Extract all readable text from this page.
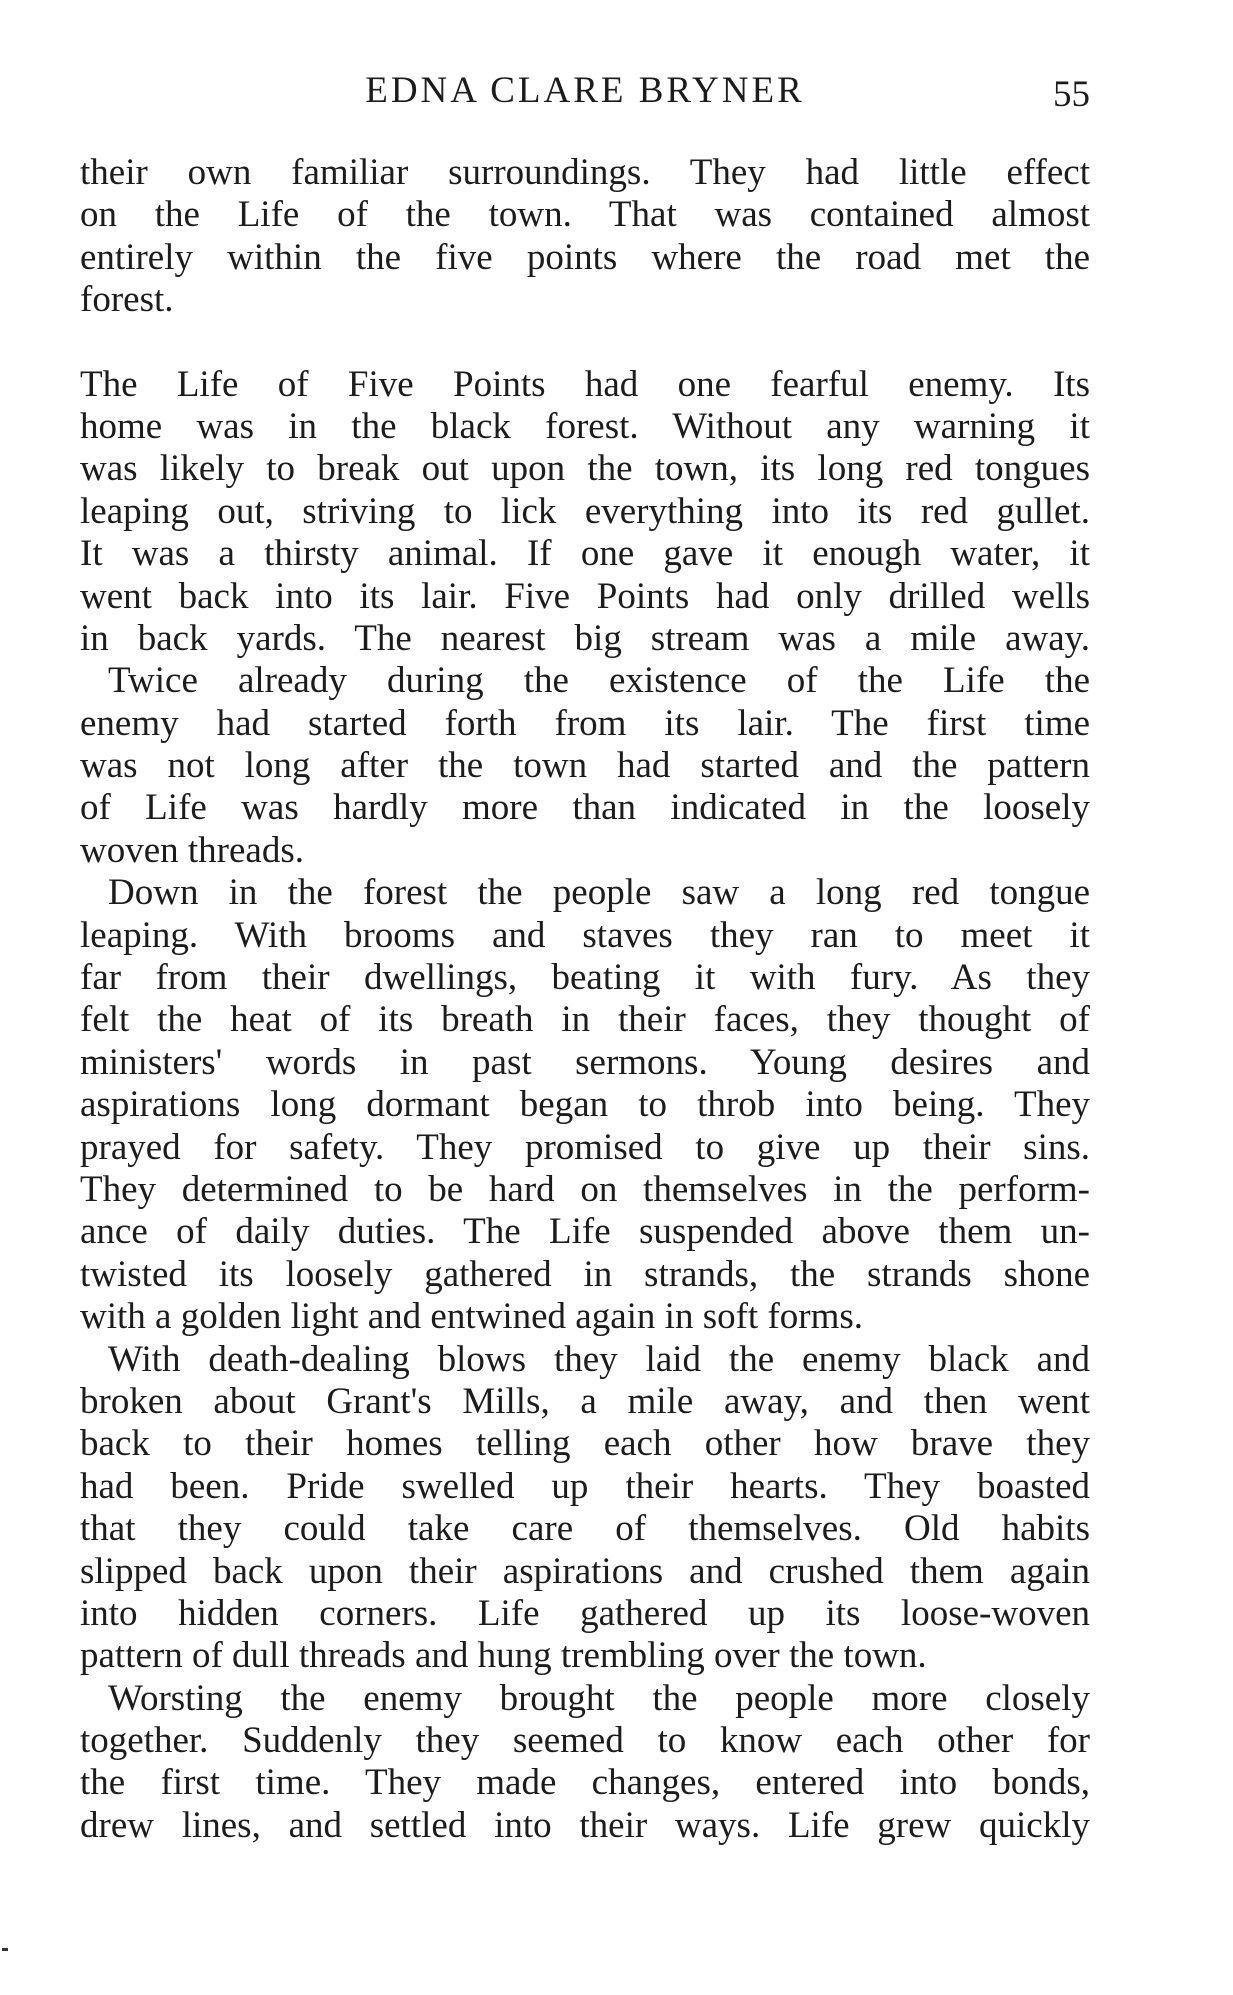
EDNA CLARE BRYNER	55
their own familiar surroundings. They had little effect
on the Life of the town. That was contained almost
entirely within the five points where the road met the
forest.
The Life of Five Points had one fearful enemy. Its
home was in the black forest. Without any warning it
was likely to break out upon the town, its long red tongues
leaping out, striving to lick everything into its red gullet.
It was a thirsty animal. If one gave it enough water, it
went back into its lair. Five Points had only drilled wells
in back yards. The nearest big stream was a mile away.
Twice already during the existence of the Life the
enemy had started forth from its lair. The first time
was not long after the town had started and the pattern
of Life was hardly more than indicated in the loosely
woven threads.
Down in the forest the people saw a long red tongue
leaping. With brooms and staves they ran to meet it
far from their dwellings, beating it with fury. As they
felt the heat of its breath in their faces, they thought of
ministers' words in past sermons. Young desires and
aspirations long dormant began to throb into being. They
prayed for safety. They promised to give up their sins.
They determined to be hard on themselves in the perform-
ance of daily duties. The Life suspended above them un-
twisted its loosely gathered in strands, the strands shone
with a golden light and entwined again in soft forms.
With death-dealing blows they laid the enemy black and
broken about Grant's Mills, a mile away, and then went
back to their homes telling each other how brave they
had been. Pride swelled up their hearts. They boasted
that they could take care of themselves. Old habits
slipped back upon their aspirations and crushed them again
into hidden corners. Life gathered up its loose-woven
pattern of dull threads and hung trembling over the town.
Worsting the enemy brought the people more closely
together. Suddenly they seemed to know each other for
the first time. They made changes, entered into bonds,
drew lines, and settled into their ways. Life grew quickly
